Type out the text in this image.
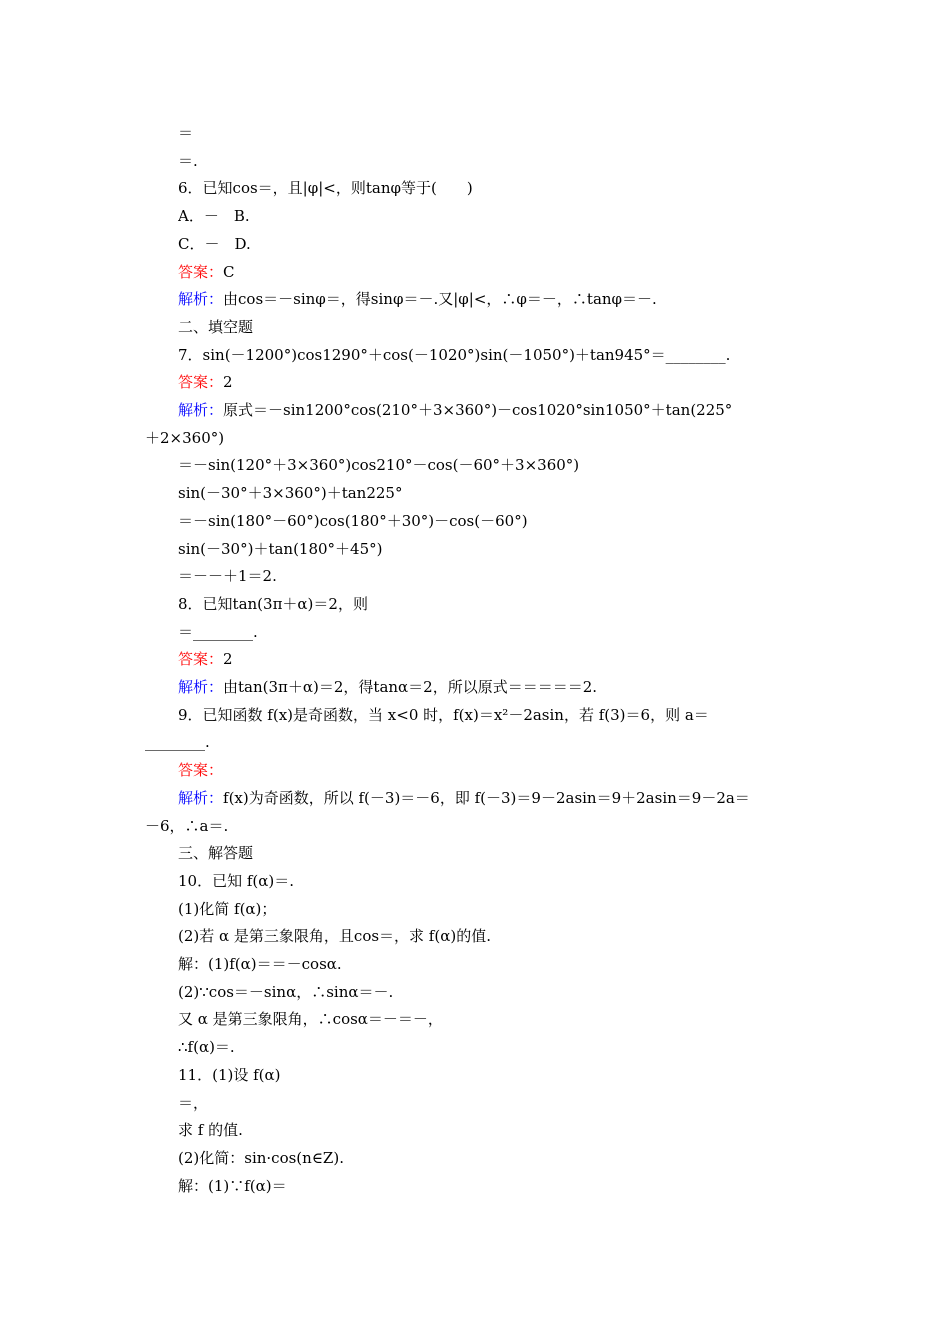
＝
＝.
6．已知cos＝，且|φ|<，则tanφ等于(　　)
A．－　B.
C．－　D.
答案：C
解析：由cos＝－sinφ＝，得sinφ＝－.又|φ|<，∴φ＝－，∴tanφ＝－.
二、填空题
7．sin(－1200°)cos1290°＋cos(－1020°)sin(－1050°)＋tan945°＝________.
答案：2
解析：原式＝－sin1200°cos(210°＋3×360°)－cos1020°sin1050°＋tan(225°
＋2×360°)
＝－sin(120°＋3×360°)cos210°－cos(－60°＋3×360°)
sin(－30°＋3×360°)＋tan225°
＝－sin(180°－60°)cos(180°＋30°)－cos(－60°)
sin(－30°)＋tan(180°＋45°)
＝－－＋1＝2.
8．已知tan(3π＋α)＝2，则
＝________.
答案：2
解析：由tan(3π＋α)＝2，得tanα＝2，所以原式＝＝＝＝＝2.
9．已知函数 f(x)是奇函数，当 x<0 时，f(x)＝x²－2asin，若 f(3)＝6，则 a＝
________.
答案：
解析：f(x)为奇函数，所以 f(－3)＝－6，即 f(－3)＝9－2asin＝9＋2asin＝9－2a＝
－6，∴a＝.
三、解答题
10．已知 f(α)＝.
(1)化简 f(α)；
(2)若 α 是第三象限角，且cos＝，求 f(α)的值.
解：(1)f(α)＝＝－cosα.
(2)∵cos＝－sinα，∴sinα＝－.
又 α 是第三象限角，∴cosα＝－＝－，
∴f(α)＝.
11．(1)设 f(α)
＝，
求 f 的值.
(2)化简：sin·cos(n∈Z).
解：(1)∵f(α)＝
